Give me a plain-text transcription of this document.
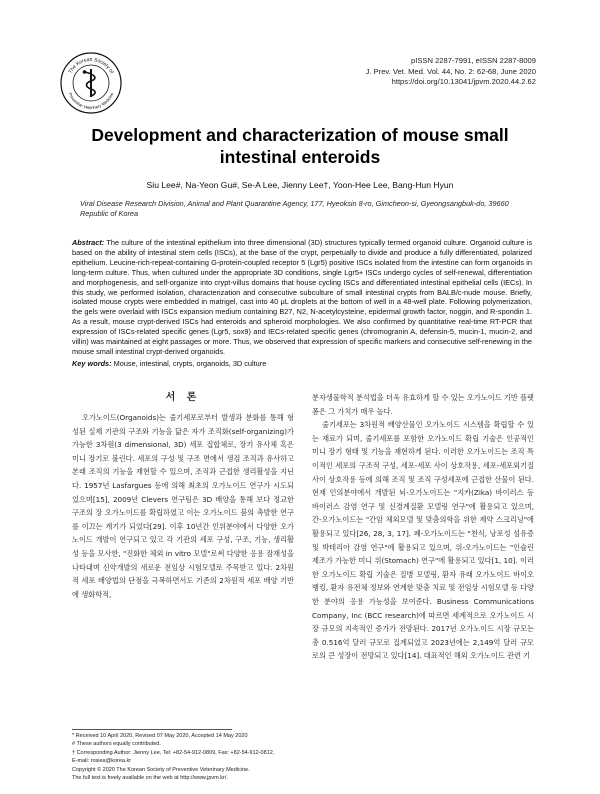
The Korean Society of
Preventive Veterinary Medicine
pISSN 2287-7991, eISSN 2287-8009
J. Prev. Vet. Med. Vol. 44, No. 2: 62-68, June 2020
https://doi.org/10.13041/jpvm.2020.44.2.62
Development and characterization of mouse small intestinal enteroids
Siu Lee#, Na-Yeon Gu#, Se-A Lee, Jienny Lee†, Yoon-Hee Lee, Bang-Hun Hyun
Viral Disease Research Division, Animal and Plant Quarantine Agency, 177, Hyeoksin 8-ro, Gimcheon-si, Gyeongsangbuk-do, 39660 Republic of Korea
Abstract: The culture of the intestinal epithelium into three dimensional (3D) structures typically termed organoid culture. Organoid culture is based on the ability of intestinal stem cells (ISCs), at the base of the crypt, perpetually to divide and produce a fully differentiated, polarized epithelium. Leucine-rich-repeat-containing G-protein-coupled receptor 5 (Lgr5) positive ISCs isolated from the intestine can form organoids in long-term culture. Thus, when cultured under the appropriate 3D conditions, single Lgr5+ ISCs undergo cycles of self-renewal, differentiation and morphogenesis, and self-organize into crypt-villus domains that house cycling ISCs and differentiated intestinal epithelial cells (IECs). In this study, we performed isolation, characterization and consecutive subculture of small intestinal crypts from BALB/c-nude mouse. Briefly, isolated mouse crypts were embedded in matrigel, cast into 40 μL droplets at the bottom of well in a 48-well plate. Following polymerization, the gels were overlaid with ISCs expansion medium containing B27, N2, N-acetylcysteine, epidermal growth factor, noggin, and R-spondin 1. As a result, mouse crypt-derived ISCs had enteroids and spheroid morphologies. We also confirmed by quantitative real-time RT-PCR that expression of ISCs-related specific genes (Lgr5, sox9) and IECs-related specific genes (chromogranin A, defensin-5, mucin-1, mucin-2, and villin) was maintained at eight passages or more. Thus, we observed that expression of specific markers and consecutive self-renewing in the mouse small intestinal crypt-derived organoids.
Key words: Mouse, intestinal, crypts, organoids, 3D culture
서 론

오가노이드(Organoids)는 줄기세포로부터 발생과 분화를 통해 형성된 실제 기관의 구조와 기능을 닮은 자가 조직화(self-organizing)가 가능한 3차원(3 dimensional, 3D) 세포 집합체로, 장기 유사체 혹은 미니 장기로 불린다. 세포의 구성 및 구조 면에서 생검 조직과 유사하고 본래 조직의 기능을 재현할 수 있으며, 조직과 근접한 생리활성을 지닌다. 1957년 Lasfargues 등에 의해 최초의 오가노이드 연구가 시도되었으며[15], 2009년 Clevers 연구팀은 3D 배양을 통해 보다 정교한 구조의 장 오가노이드를 확립하였고 이는 오가노이드 붐의 촉발한 연구를 이끄는 계기가 되었다[29]. 이후 10년간 인위분야에서 다양한 오가노이드 개발이 연구되고 있고 각 기관의 세포 구성, 구조, 기능, 생리활성 등을 모사한, "진화한 체외 in vitro 모델"로써 다양한 응용 잠재성을 나타내며 신약개발의 새로운 전임상 시험모델로 주목받고 있다. 2차원적 세포 배양법의 단점을 극복하면서도 기존의 2차원적 세포 배양 기반에 생화학적,

분자생물학적 분석법을 더욱 유효하게 할 수 있는 오가노이드 기반 플랫폼은 그 가치가 매우 높다.

줄기세포는 3차원적 배양산물인 오가노이드 시스템을 확립할 수 있는 재료가 되며, 줄기세포를 포함한 오가노이드 확립 기술은 인공적인 미니 장기 형태 및 기능을 재현하게 된다. 이러한 오가노이드는 조직 특이적인 세포의 구조적 구성, 세포-세포 사이 상호작용, 세포-세포외기질 사이 상호작용 등에 의해 조직 및 조직 구성세포에 근접한 산물이 된다. 현재 인의분야에서 개발된 뇌-오가노이드는 "지카(Zika) 바이러스 등 바이러스 감염 연구 및 신경계질환 모델링 연구"에 활용되고 있으며, 간-오가노이드는 "간암 체외모델 및 맞춤의학을 위한 제약 스크리닝"에 활용되고 있다[26, 28, 3, 17]. 폐-오가노이드는 "천식, 낭포성 섬유증 및 박테리아 감염 연구"에 활용되고 있으며, 위-오가노이드는 "인슐린 제조가 가능한 미니 위(Stomach) 연구"에 활용되고 있다[1, 10]. 이러한 오가노이드 확립 기술은 질병 모델링, 환자 유래 오가노이드 바이오 뱅킹, 환자 유전체 정보와 연계한 맞춤 치료 및 전임상 시험모델 등 다양한 분야의 응용 가능성을 보여준다. Business Communications Company, Inc (BCC research)에 따르면 세계적으로 오가노이드 시장 규모의 지속적인 증가가 전망된다. 2017년 오가노이드 시장 규모는 총 0.516억 달러 규모로 집계되었고 2023년에는 2,149억 달러 규모로의 큰 성장이 전망되고 있다[14]. 대표적인 해외 오가노이드 관련 기

* Received 10 April 2020, Revised 07 May 2020, Accepted 14 May 2020
# These authors equally contributed.
† Corresponding Author: Jienny Lee, Tel: +82-54-912-0809, Fax: +82-54-912-0812,
E-mail: rosiea@korea.kr
Copyright © 2020 The Korean Society of Preventive Veterinary Medicine.
The full text is freely available on the web at http://www.jpvm.kr/.
